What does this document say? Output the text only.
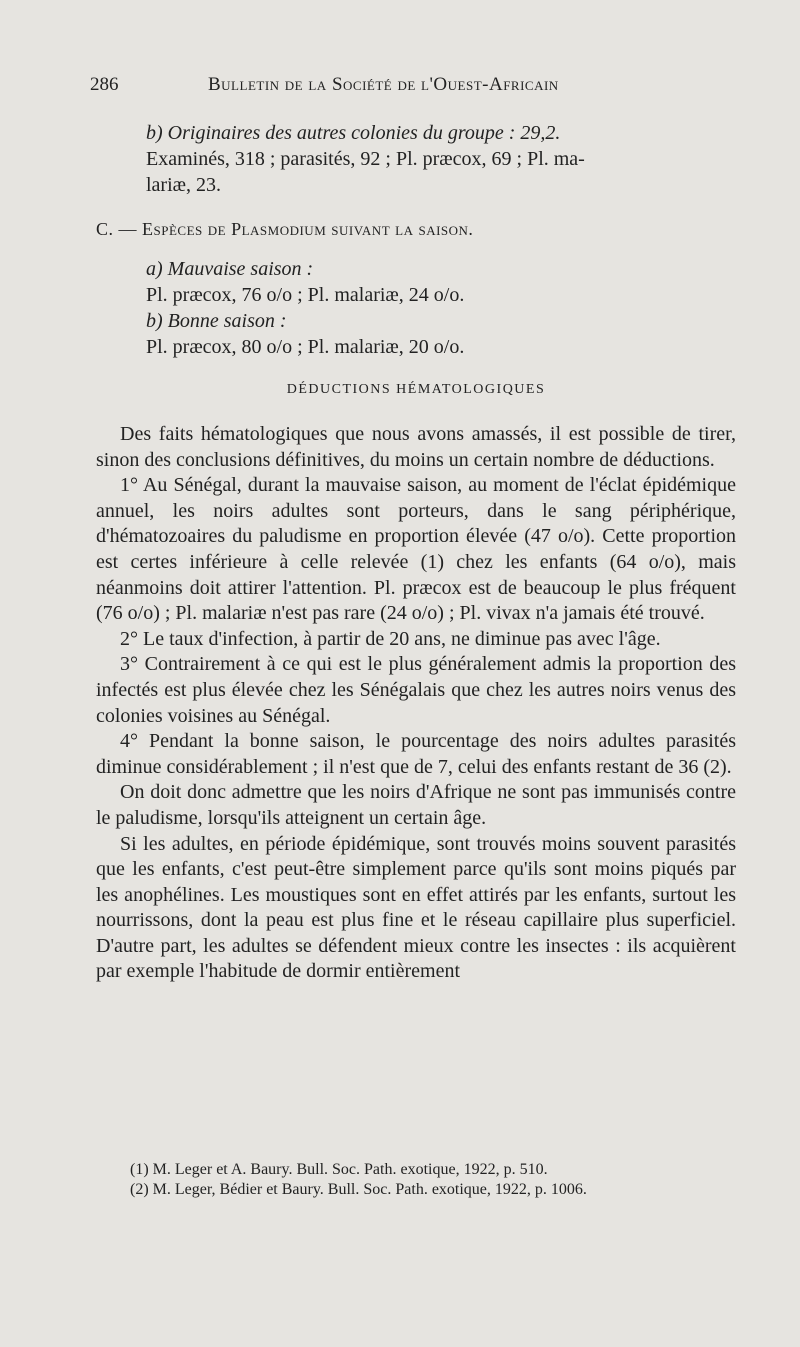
286	Bulletin de la Société de l'Ouest-Africain
b) Originaires des autres colonies du groupe : 29,2.
Examinés, 318 ; parasités, 92 ; Pl. præcox, 69 ; Pl. ma-
lariæ, 23.
C. — Espèces de Plasmodium suivant la saison.
a) Mauvaise saison :
Pl. præcox, 76 o/o ; Pl. malariæ, 24 o/o.
b) Bonne saison :
Pl. præcox, 80 o/o ; Pl. malariæ, 20 o/o.
DÉDUCTIONS HÉMATOLOGIQUES

Des faits hématologiques que nous avons amassés, il est possible de tirer, sinon des conclusions définitives, du moins un certain nombre de déductions.

1° Au Sénégal, durant la mauvaise saison, au moment de l'éclat épidémique annuel, les noirs adultes sont porteurs, dans le sang périphérique, d'hématozoaires du paludisme en proportion élevée (47 o/o). Cette proportion est certes inférieure à celle relevée (1) chez les enfants (64 o/o), mais néanmoins doit attirer l'attention. Pl. præcox est de beaucoup le plus fréquent (76 o/o) ; Pl. malariæ n'est pas rare (24 o/o) ; Pl. vivax n'a jamais été trouvé.

2° Le taux d'infection, à partir de 20 ans, ne diminue pas avec l'âge.

3° Contrairement à ce qui est le plus généralement admis la proportion des infectés est plus élevée chez les Sénégalais que chez les autres noirs venus des colonies voisines au Sénégal.

4° Pendant la bonne saison, le pourcentage des noirs adultes parasités diminue considérablement ; il n'est que de 7, celui des enfants restant de 36 (2).

On doit donc admettre que les noirs d'Afrique ne sont pas immunisés contre le paludisme, lorsqu'ils atteignent un certain âge.

Si les adultes, en période épidémique, sont trouvés moins souvent parasités que les enfants, c'est peut-être simplement parce qu'ils sont moins piqués par les anophélines. Les moustiques sont en effet attirés par les enfants, surtout les nourrissons, dont la peau est plus fine et le réseau capillaire plus superficiel. D'autre part, les adultes se défendent mieux contre les insectes : ils acquièrent par exemple l'habitude de dormir entièrement

(1) M. Leger et A. Baury. Bull. Soc. Path. exotique, 1922, p. 510.
(2) M. Leger, Bédier et Baury. Bull. Soc. Path. exotique, 1922, p. 1006.
